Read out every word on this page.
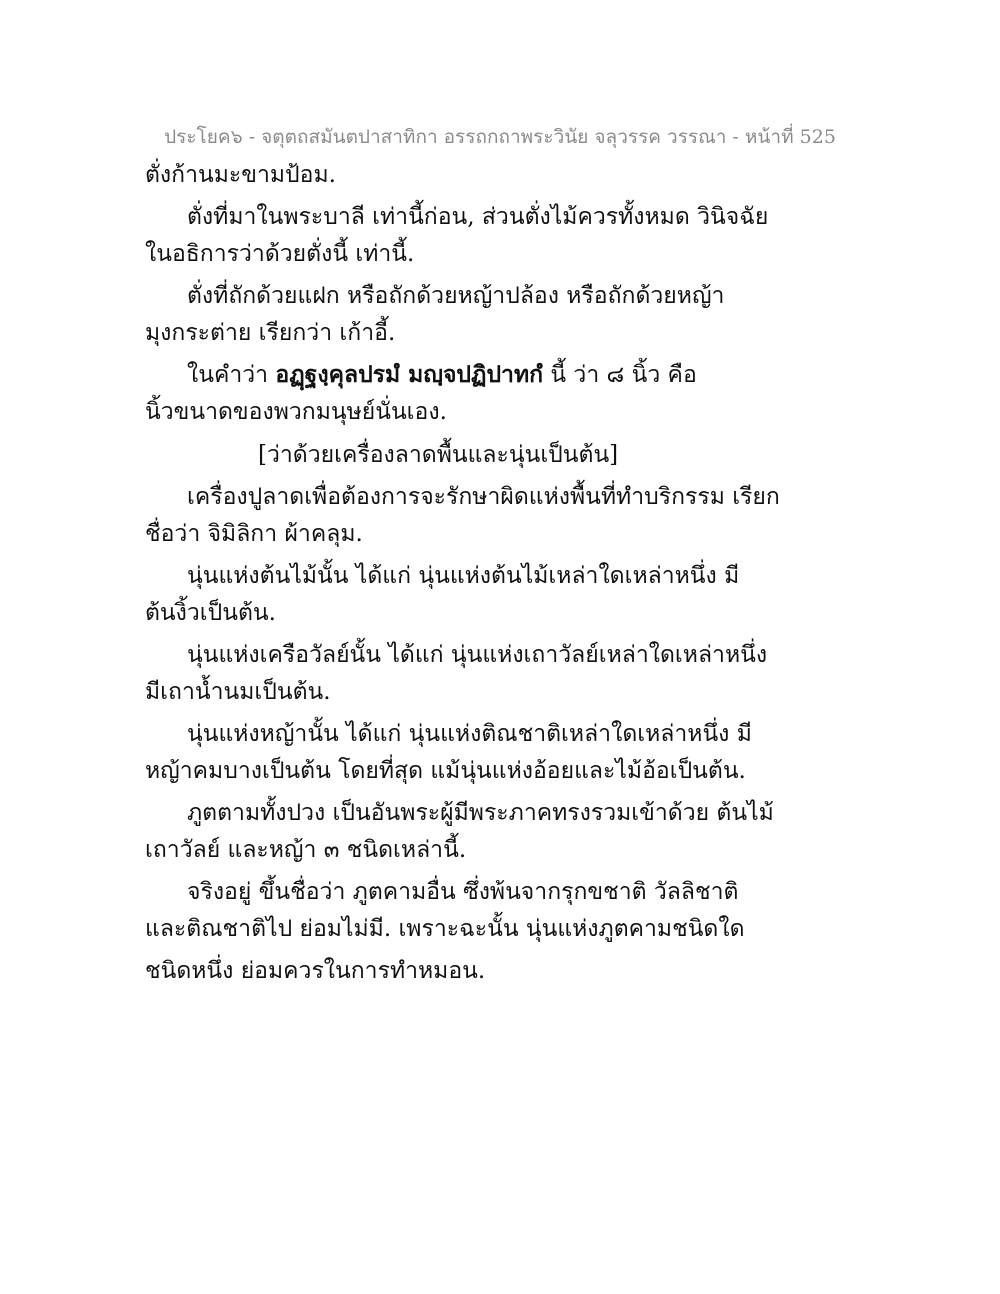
ประโยค๖ - จตุตถสมันตปาสาทิกา อรรถกถาพระวินัย จลุวรรค วรรณา - หน้าที่ 525
ตั่งก้านมะขามป้อม.
ตั่งที่มาในพระบาลี เท่านี้ก่อน, ส่วนตั่งไม้ควรทั้งหมด วินิจฉัย
ในอธิการว่าด้วยตั่งนี้ เท่านี้.
ตั่งที่ถักด้วยแฝก หรือถักด้วยหญ้าปล้อง หรือถักด้วยหญ้า
มุงกระต่าย เรียกว่า เก้าอี้.
ในคำว่า อฏฺฐงฺคุลปรมํ มญฺจปฏิปาทกํ นี้ ว่า ๘ นิ้ว คือ
นิ้วขนาดของพวกมนุษย์นั่นเอง.
[ว่าด้วยเครื่องลาดพื้นและนุ่นเป็นต้น]
เครื่องปูลาดเพื่อต้องการจะรักษาผิดแห่งพื้นที่ทำบริกรรม เรียก
ชื่อว่า จิมิลิกา ผ้าคลุม.
นุ่นแห่งต้นไม้นั้น ได้แก่ นุ่นแห่งต้นไม้เหล่าใดเหล่าหนึ่ง มี
ต้นงิ้วเป็นต้น.
นุ่นแห่งเครือวัลย์นั้น ได้แก่ นุ่นแห่งเถาวัลย์เหล่าใดเหล่าหนึ่ง
มีเถาน้ำนมเป็นต้น.
นุ่นแห่งหญ้านั้น ได้แก่ นุ่นแห่งติณชาติเหล่าใดเหล่าหนึ่ง มี
หญ้าคมบางเป็นต้น โดยที่สุด แม้นุ่นแห่งอ้อยและไม้อ้อเป็นต้น.
ภูตตามทั้งปวง เป็นอันพระผู้มีพระภาคทรงรวมเข้าด้วย ต้นไม้
เถาวัลย์ และหญ้า ๓ ชนิดเหล่านี้.
จริงอยู่ ขึ้นชื่อว่า ภูตคามอื่น ซึ่งพ้นจากรุกขชาติ วัลลิชาติ
และติณชาติไป ย่อมไม่มี. เพราะฉะนั้น นุ่นแห่งภูตคามชนิดใด
ชนิดหนึ่ง ย่อมควรในการทำหมอน.
